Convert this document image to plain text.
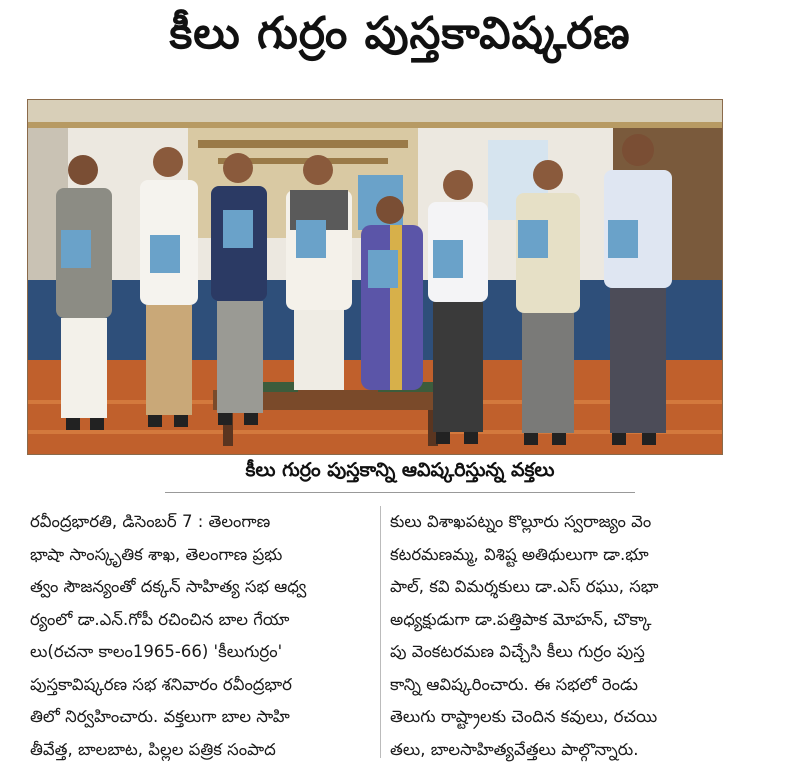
కీలు గుర్రం పుస్తకావిష్కరణ
కీలు గుర్రం పుస్తకాన్ని ఆవిష్కరిస్తున్న వక్తలు

రవీంద్రభారతి, డిసెంబర్ 7 : తెలంగాణ

భాషా సాంస్కృతిక శాఖ, తెలంగాణ ప్రభు

త్వం సౌజన్యంతో దక్కన్ సాహిత్య సభ ఆధ్వ

ర్యంలో డా.ఎన్.గోపీ రచించిన బాల గేయా

లు(రచనా కాలం1965-66) 'కీలుగుర్రం'

పుస్తకావిష్కరణ సభ శనివారం రవీంద్రభార

తిలో నిర్వహించారు. వక్తలుగా బాల సాహి

తీవేత్త, బాలబాట, పిల్లల పత్రిక సంపాద

కులు విశాఖపట్నం కొల్లూరు స్వరాజ్యం వెం

కటరమణమ్మ, విశిష్ట అతిథులుగా డా.భూ

పాల్, కవి విమర్శకులు డా.ఎస్ రఘు, సభా

అధ్యక్షుడుగా డా.పత్తిపాక మోహన్, చొక్కా

పు వెంకటరమణ విచ్చేసి కీలు గుర్రం పుస్త

కాన్ని ఆవిష్కరించారు. ఈ సభలో రెండు

తెలుగు రాష్ట్రాలకు చెందిన కవులు, రచయి

తలు, బాలసాహిత్యవేత్తలు పాల్గొన్నారు.
